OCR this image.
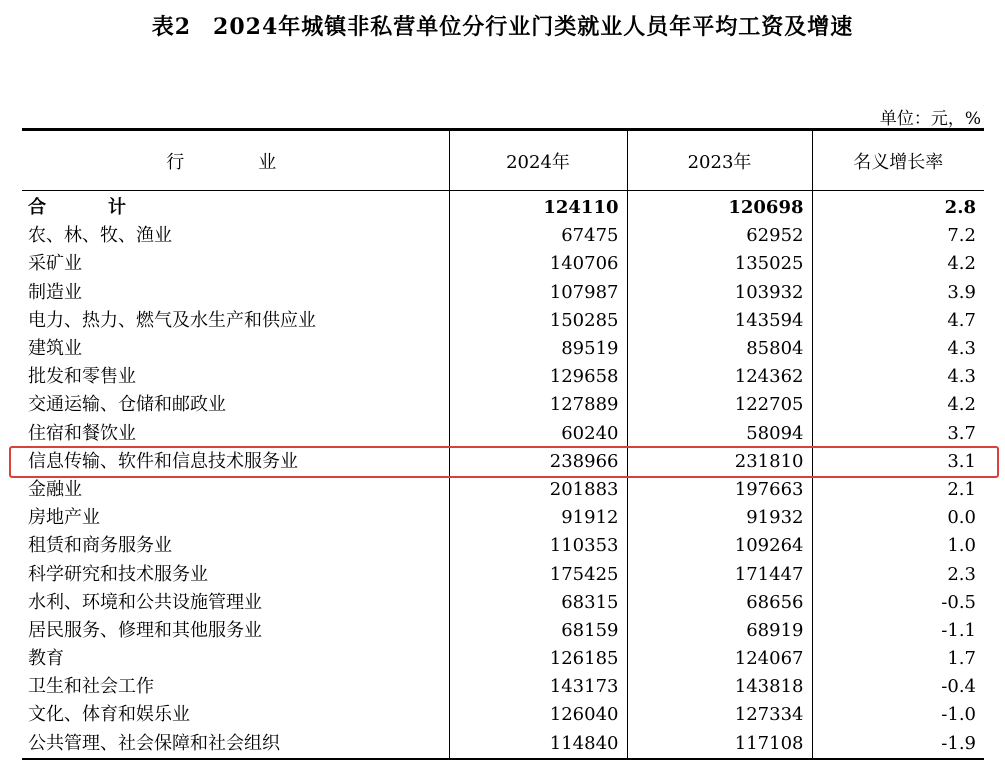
表2 2024年城镇非私营单位分行业门类就业人员年平均工资及增速
单位：元，%
行　业	2024年	2023年	名义增长率
合　计	124110	120698	2.8
农、林、牧、渔业	67475	62952	7.2
采矿业	140706	135025	4.2
制造业	107987	103932	3.9
电力、热力、燃气及水生产和供应业	150285	143594	4.7
建筑业	89519	85804	4.3
批发和零售业	129658	124362	4.3
交通运输、仓储和邮政业	127889	122705	4.2
住宿和餐饮业	60240	58094	3.7
信息传输、软件和信息技术服务业	238966	231810	3.1
金融业	201883	197663	2.1
房地产业	91912	91932	0.0
租赁和商务服务业	110353	109264	1.0
科学研究和技术服务业	175425	171447	2.3
水利、环境和公共设施管理业	68315	68656	-0.5
居民服务、修理和其他服务业	68159	68919	-1.1
教育	126185	124067	1.7
卫生和社会工作	143173	143818	-0.4
文化、体育和娱乐业	126040	127334	-1.0
公共管理、社会保障和社会组织	114840	117108	-1.9
